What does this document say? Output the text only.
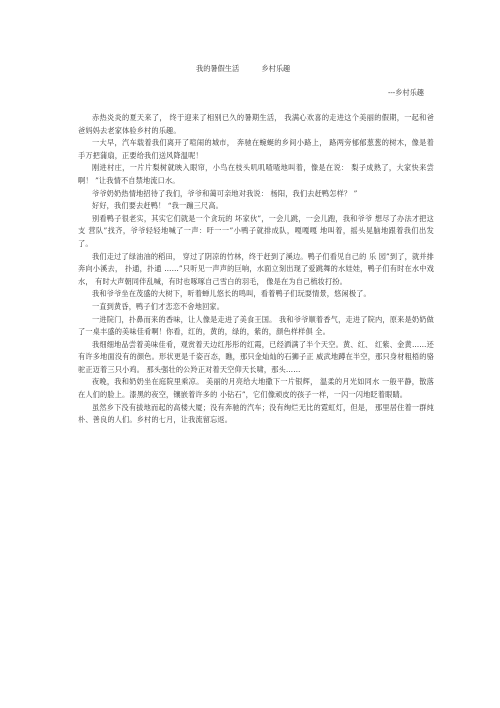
我的暑假生活	乡村乐趣
---乡村乐趣

赤热炎炎的夏天来了， 终于迎来了相别已久的暑期生活， 我满心欢喜的走进这个美丽的假期，一起和爸爸妈妈去老家体验乡村的乐趣。

一大早，汽车载着我们离开了喧闹的城市， 奔驰在蜿蜒的乡间小路上， 路两旁郁郁葱葱的树木，像是着手万把蒲扇，正要给我们送风降温呢！

刚进村庄，一片片梨树就映入眼帘，小鸟在枝头叽叽喳喳地叫着，像是在说： 梨子成熟了，大家快来尝啊！ ”让我情不自禁地流口水。

爷爷奶奶热情地招待了我们，爷爷和蔼可亲地对我说： 杨阳，我们去赶鸭怎样？ ”

好好，我们要去赶鸭！ “我一蹦三尺高。

别看鸭子很老实，其实它们就是一个贪玩的 坏家伙”，一会儿跳，一会儿跑，我和爷爷 想尽了办法才把这支 营队”找齐，爷爷轻轻地喊了一声：吁一一”小鸭子就排成队，嘎嘎嘎 地叫着，摇头晃脑地跟着我们出发了。

我们走过了绿油油的稻田， 穿过了阴凉的竹林，终于赶到了溪边。鸭子们看见自己的 乐 园”到了，就并排奔向小溪去， 扑通，扑通 ……”只听见一声声的巨响，水面立刻出现了爱跳舞的水娃娃，鸭子们有时在水中戏水， 有时大声朝同伴乱喊，有时也啄啄自己雪白的羽毛， 像是在为自己梳妆打扮。

我和爷爷坐在茂盛的大树下，听着蝉儿悠长的鸣叫，看着鸭子们玩耍情景，悠闲极了。

一直到黄昏，鸭子们才恋恋不舍地回家。

一进院门，扑鼻而来的香味，让人像是走进了美食王国。 我和爷爷顺着香气，走进了院内，原来是奶奶做了一桌丰盛的美味佳肴啊！你看，红的，黄的，绿的，紫的，颜色样样俱 全。

我细细地品尝着美味佳肴，观赏着天边红彤彤的红霞，已经洒满了半个天空。黄、红、 红紫、金黄……还有许多地面没有的颜色。形状更是千姿百态，瞧，那只金灿灿的石狮子正 威武地蹲在半空，那只身材粗梧的骆驼正迈着三只小鸡。 那头强壮的公羚正对着天空仰天长啸，那头……

夜晚，我和奶奶坐在庭院里乘凉。 美丽的月亮给大地撒下一片银辉， 温柔的月光如同水 一般平静，散落在人们的脸上。漆黑的夜空，镶嵌着许多的 小钻石”，它们像顽皮的孩子一样，一闪一闪地眨着眼睛。

虽然乡下没有拔地而起的高楼大厦；没有奔驰的汽车；没有绚烂无比的霓虹灯，但是， 那里居住着一群纯朴、善良的人们。乡村的七月，让我流留忘返。
